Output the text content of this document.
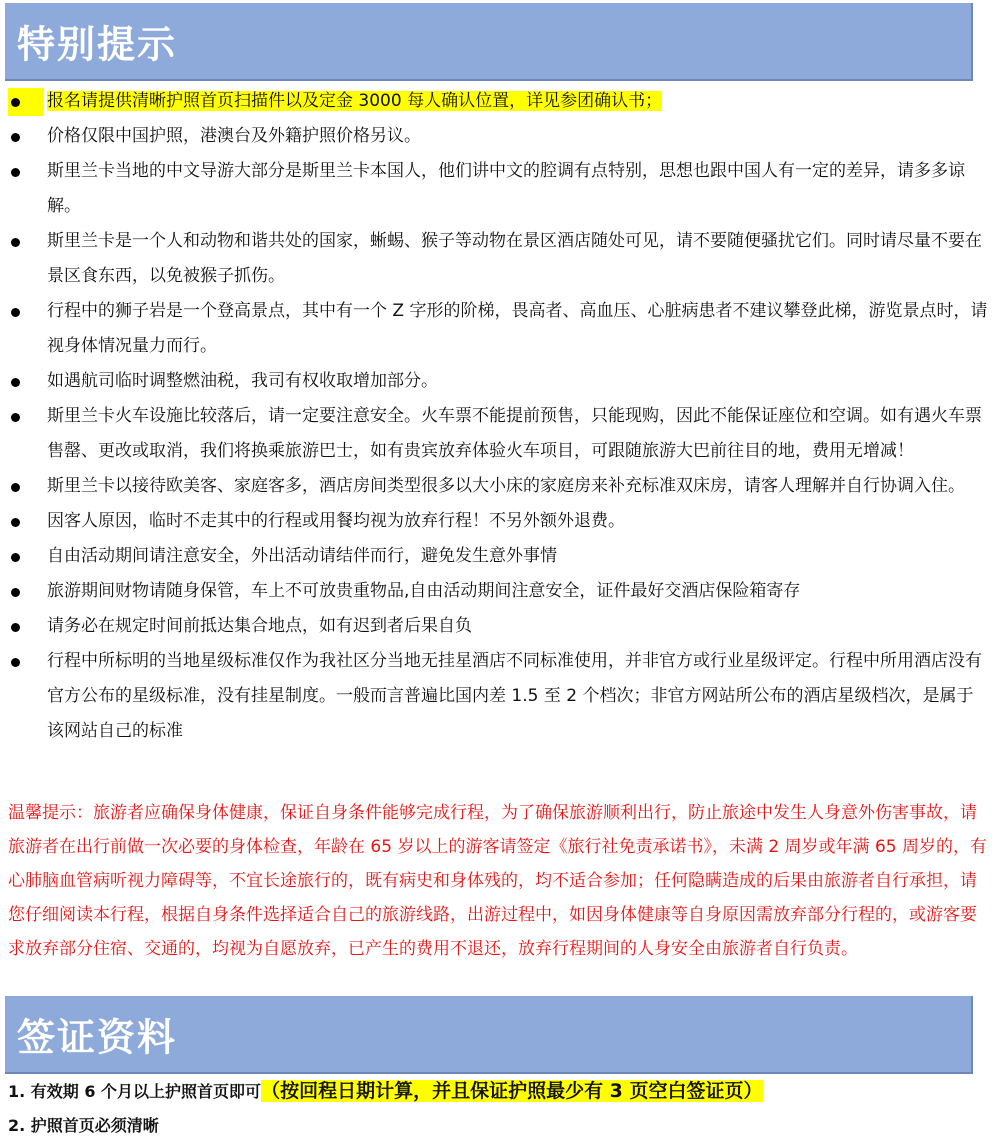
特别提示
报名请提供清晰护照首页扫描件以及定金 3000 每人确认位置，详见参团确认书；
价格仅限中国护照，港澳台及外籍护照价格另议。
斯里兰卡当地的中文导游大部分是斯里兰卡本国人，他们讲中文的腔调有点特别，思想也跟中国人有一定的差异，请多多谅解。
斯里兰卡是一个人和动物和谐共处的国家，蜥蜴、猴子等动物在景区酒店随处可见，请不要随便骚扰它们。同时请尽量不要在景区食东西，以免被猴子抓伤。
行程中的狮子岩是一个登高景点，其中有一个 Z 字形的阶梯，畏高者、高血压、心脏病患者不建议攀登此梯，游览景点时，请视身体情况量力而行。
如遇航司临时调整燃油税，我司有权收取增加部分。
斯里兰卡火车设施比较落后，请一定要注意安全。火车票不能提前预售，只能现购，因此不能保证座位和空调。如有遇火车票售罄、更改或取消，我们将换乘旅游巴士，如有贵宾放弃体验火车项目，可跟随旅游大巴前往目的地，费用无增减！
斯里兰卡以接待欧美客、家庭客多，酒店房间类型很多以大小床的家庭房来补充标准双床房，请客人理解并自行协调入住。
因客人原因，临时不走其中的行程或用餐均视为放弃行程！不另外额外退费。
自由活动期间请注意安全，外出活动请结伴而行，避免发生意外事情
旅游期间财物请随身保管，车上不可放贵重物品,自由活动期间注意安全，证件最好交酒店保险箱寄存
请务必在规定时间前抵达集合地点，如有迟到者后果自负
行程中所标明的当地星级标准仅作为我社区分当地无挂星酒店不同标准使用，并非官方或行业星级评定。行程中所用酒店没有官方公布的星级标准，没有挂星制度。一般而言普遍比国内差 1.5 至 2 个档次；非官方网站所公布的酒店星级档次，是属于该网站自己的标准
温馨提示：旅游者应确保身体健康，保证自身条件能够完成行程，为了确保旅游顺利出行，防止旅途中发生人身意外伤害事故，请旅游者在出行前做一次必要的身体检查，年龄在 65 岁以上的游客请签定《旅行社免责承诺书》，未满 2 周岁或年满 65 周岁的，有心肺脑血管病听视力障碍等，不宜长途旅行的，既有病史和身体残的，均不适合参加；任何隐瞒造成的后果由旅游者自行承担，请您仔细阅读本行程，根据自身条件选择适合自己的旅游线路，出游过程中，如因身体健康等自身原因需放弃部分行程的，或游客要求放弃部分住宿、交通的，均视为自愿放弃，已产生的费用不退还，放弃行程期间的人身安全由旅游者自行负责。
签证资料
1. 有效期 6 个月以上护照首页即可（按回程日期计算，并且保证护照最少有 3 页空白签证页）
2. 护照首页必须清晰
